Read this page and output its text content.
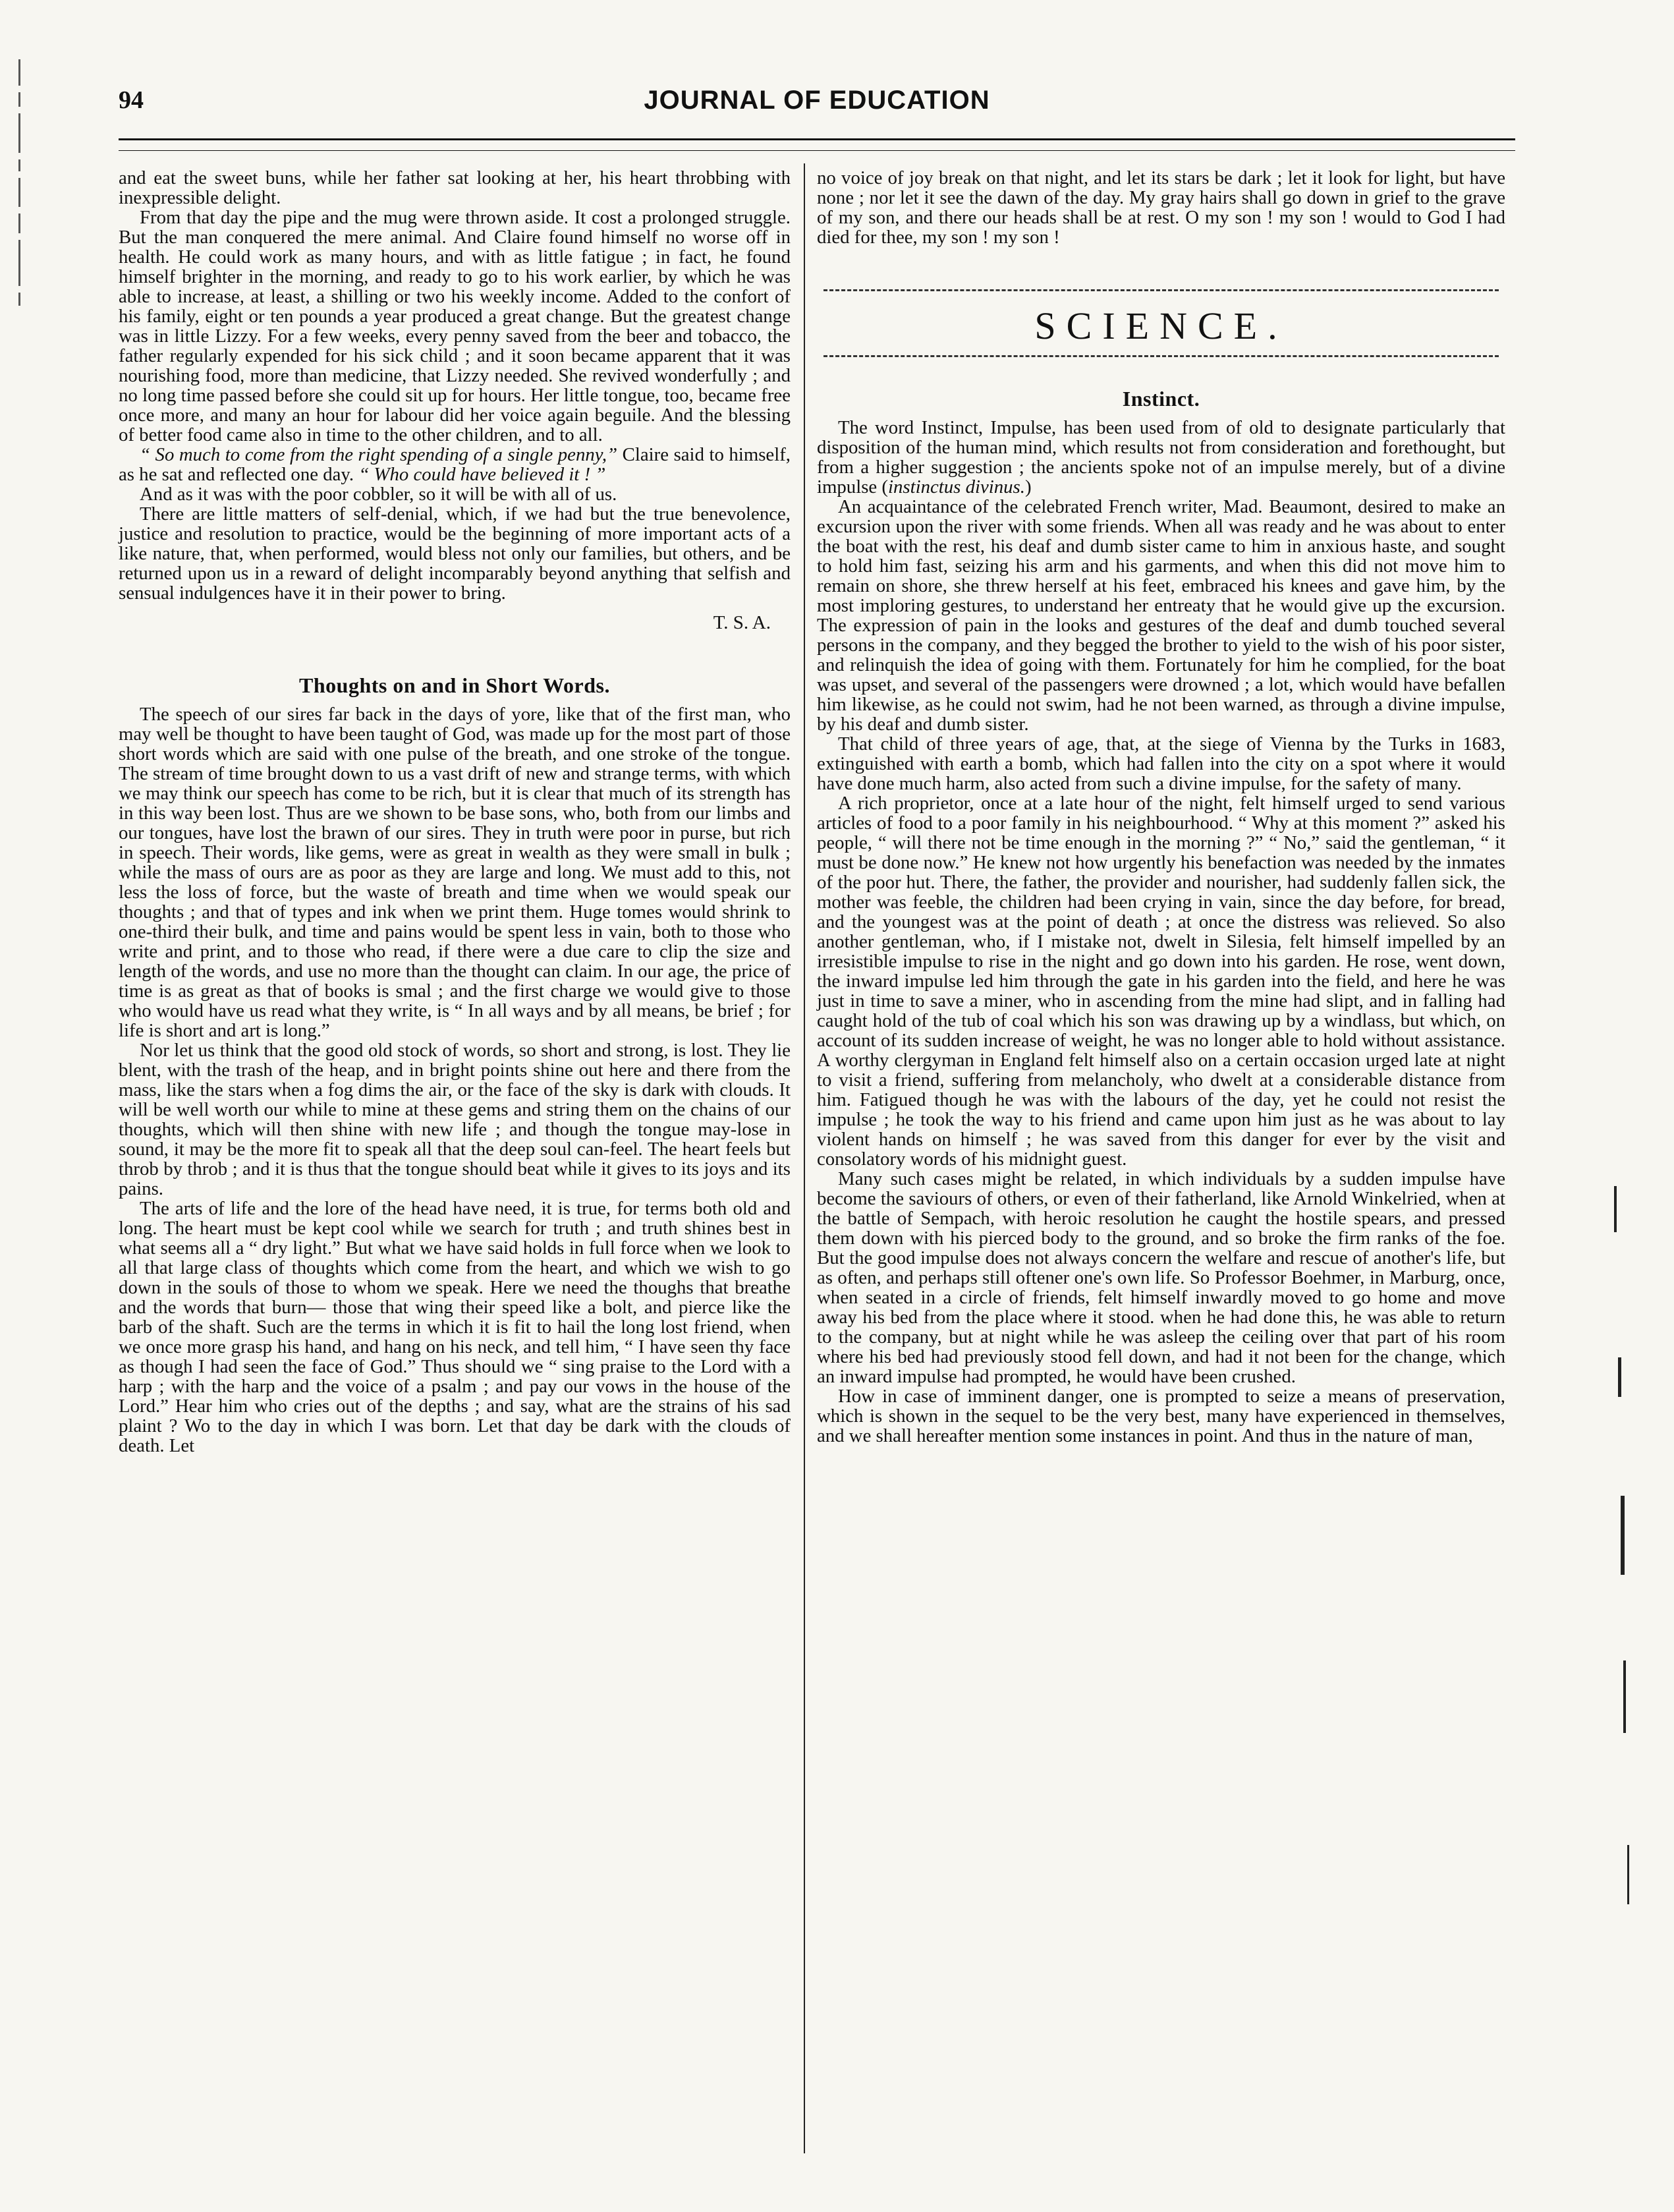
94	JOURNAL OF EDUCATION

and eat the sweet buns, while her father sat looking at her, his heart throbbing with inexpressible delight.

From that day the pipe and the mug were thrown aside. It cost a prolonged struggle. But the man conquered the mere animal. And Claire found himself no worse off in health. He could work as many hours, and with as little fatigue ; in fact, he found himself brighter in the morning, and ready to go to his work earlier, by which he was able to increase, at least, a shilling or two his weekly income. Added to the confort of his family, eight or ten pounds a year produced a great change. But the greatest change was in little Lizzy. For a few weeks, every penny saved from the beer and tobacco, the father regularly expended for his sick child ; and it soon became apparent that it was nourishing food, more than medicine, that Lizzy needed. She revived wonderfully ; and no long time passed before she could sit up for hours. Her little tongue, too, became free once more, and many an hour for labour did her voice again beguile. And the blessing of better food came also in time to the other children, and to all.

“ So much to come from the right spending of a single penny,” Claire said to himself, as he sat and reflected one day. “ Who could have believed it ! ”

And as it was with the poor cobbler, so it will be with all of us.

There are little matters of self-denial, which, if we had but the true benevolence, justice and resolution to practice, would be the beginning of more important acts of a like nature, that, when performed, would bless not only our families, but others, and be returned upon us in a reward of delight incomparably beyond anything that selfish and sensual indulgences have it in their power to bring.

T. S. A.
Thoughts on and in Short Words.

The speech of our sires far back in the days of yore, like that of the first man, who may well be thought to have been taught of God, was made up for the most part of those short words which are said with one pulse of the breath, and one stroke of the tongue. The stream of time brought down to us a vast drift of new and strange terms, with which we may think our speech has come to be rich, but it is clear that much of its strength has in this way been lost. Thus are we shown to be base sons, who, both from our limbs and our tongues, have lost the brawn of our sires. They in truth were poor in purse, but rich in speech. Their words, like gems, were as great in wealth as they were small in bulk ; while the mass of ours are as poor as they are large and long. We must add to this, not less the loss of force, but the waste of breath and time when we would speak our thoughts ; and that of types and ink when we print them. Huge tomes would shrink to one-third their bulk, and time and pains would be spent less in vain, both to those who write and print, and to those who read, if there were a due care to clip the size and length of the words, and use no more than the thought can claim. In our age, the price of time is as great as that of books is smal ; and the first charge we would give to those who would have us read what they write, is “ In all ways and by all means, be brief ; for life is short and art is long.”

Nor let us think that the good old stock of words, so short and strong, is lost. They lie blent, with the trash of the heap, and in bright points shine out here and there from the mass, like the stars when a fog dims the air, or the face of the sky is dark with clouds. It will be well worth our while to mine at these gems and string them on the chains of our thoughts, which will then shine with new life ; and though the tongue may-lose in sound, it may be the more fit to speak all that the deep soul can-feel. The heart feels but throb by throb ; and it is thus that the tongue should beat while it gives to its joys and its pains.

The arts of life and the lore of the head have need, it is true, for terms both old and long. The heart must be kept cool while we search for truth ; and truth shines best in what seems all a “ dry light.” But what we have said holds in full force when we look to all that large class of thoughts which come from the heart, and which we wish to go down in the souls of those to whom we speak. Here we need the thoughs that breathe and the words that burn— those that wing their speed like a bolt, and pierce like the barb of the shaft. Such are the terms in which it is fit to hail the long lost friend, when we once more grasp his hand, and hang on his neck, and tell him, “ I have seen thy face as though I had seen the face of God.” Thus should we “ sing praise to the Lord with a harp ; with the harp and the voice of a psalm ; and pay our vows in the house of the Lord.” Hear him who cries out of the depths ; and say, what are the strains of his sad plaint ? Wo to the day in which I was born. Let that day be dark with the clouds of death. Let

no voice of joy break on that night, and let its stars be dark ; let it look for light, but have none ; nor let it see the dawn of the day. My gray hairs shall go down in grief to the grave of my son, and there our heads shall be at rest. O my son ! my son ! would to God I had died for thee, my son ! my son !

SCIENCE.
Instinct.

The word Instinct, Impulse, has been used from of old to designate particularly that disposition of the human mind, which results not from consideration and forethought, but from a higher suggestion ; the ancients spoke not of an impulse merely, but of a divine impulse (instinctus divinus.)

An acquaintance of the celebrated French writer, Mad. Beaumont, desired to make an excursion upon the river with some friends. When all was ready and he was about to enter the boat with the rest, his deaf and dumb sister came to him in anxious haste, and sought to hold him fast, seizing his arm and his garments, and when this did not move him to remain on shore, she threw herself at his feet, embraced his knees and gave him, by the most imploring gestures, to understand her entreaty that he would give up the excursion. The expression of pain in the looks and gestures of the deaf and dumb touched several persons in the company, and they begged the brother to yield to the wish of his poor sister, and relinquish the idea of going with them. Fortunately for him he complied, for the boat was upset, and several of the passengers were drowned ; a lot, which would have befallen him likewise, as he could not swim, had he not been warned, as through a divine impulse, by his deaf and dumb sister.

That child of three years of age, that, at the siege of Vienna by the Turks in 1683, extinguished with earth a bomb, which had fallen into the city on a spot where it would have done much harm, also acted from such a divine impulse, for the safety of many.

A rich proprietor, once at a late hour of the night, felt himself urged to send various articles of food to a poor family in his neighbourhood. “ Why at this moment ?” asked his people, “ will there not be time enough in the morning ?” “ No,” said the gentleman, “ it must be done now.” He knew not how urgently his benefaction was needed by the inmates of the poor hut. There, the father, the provider and nourisher, had suddenly fallen sick, the mother was feeble, the children had been crying in vain, since the day before, for bread, and the youngest was at the point of death ; at once the distress was relieved. So also another gentleman, who, if I mistake not, dwelt in Silesia, felt himself impelled by an irresistible impulse to rise in the night and go down into his garden. He rose, went down, the inward impulse led him through the gate in his garden into the field, and here he was just in time to save a miner, who in ascending from the mine had slipt, and in falling had caught hold of the tub of coal which his son was drawing up by a windlass, but which, on account of its sudden increase of weight, he was no longer able to hold without assistance. A worthy clergyman in England felt himself also on a certain occasion urged late at night to visit a friend, suffering from melancholy, who dwelt at a considerable distance from him. Fatigued though he was with the labours of the day, yet he could not resist the impulse ; he took the way to his friend and came upon him just as he was about to lay violent hands on himself ; he was saved from this danger for ever by the visit and consolatory words of his midnight guest.

Many such cases might be related, in which individuals by a sudden impulse have become the saviours of others, or even of their fatherland, like Arnold Winkelried, when at the battle of Sempach, with heroic resolution he caught the hostile spears, and pressed them down with his pierced body to the ground, and so broke the firm ranks of the foe. But the good impulse does not always concern the welfare and rescue of another's life, but as often, and perhaps still oftener one's own life. So Professor Boehmer, in Marburg, once, when seated in a circle of friends, felt himself inwardly moved to go home and move away his bed from the place where it stood. when he had done this, he was able to return to the company, but at night while he was asleep the ceiling over that part of his room where his bed had previously stood fell down, and had it not been for the change, which an inward impulse had prompted, he would have been crushed.

How in case of imminent danger, one is prompted to seize a means of preservation, which is shown in the sequel to be the very best, many have experienced in themselves, and we shall hereafter mention some instances in point. And thus in the nature of man,
